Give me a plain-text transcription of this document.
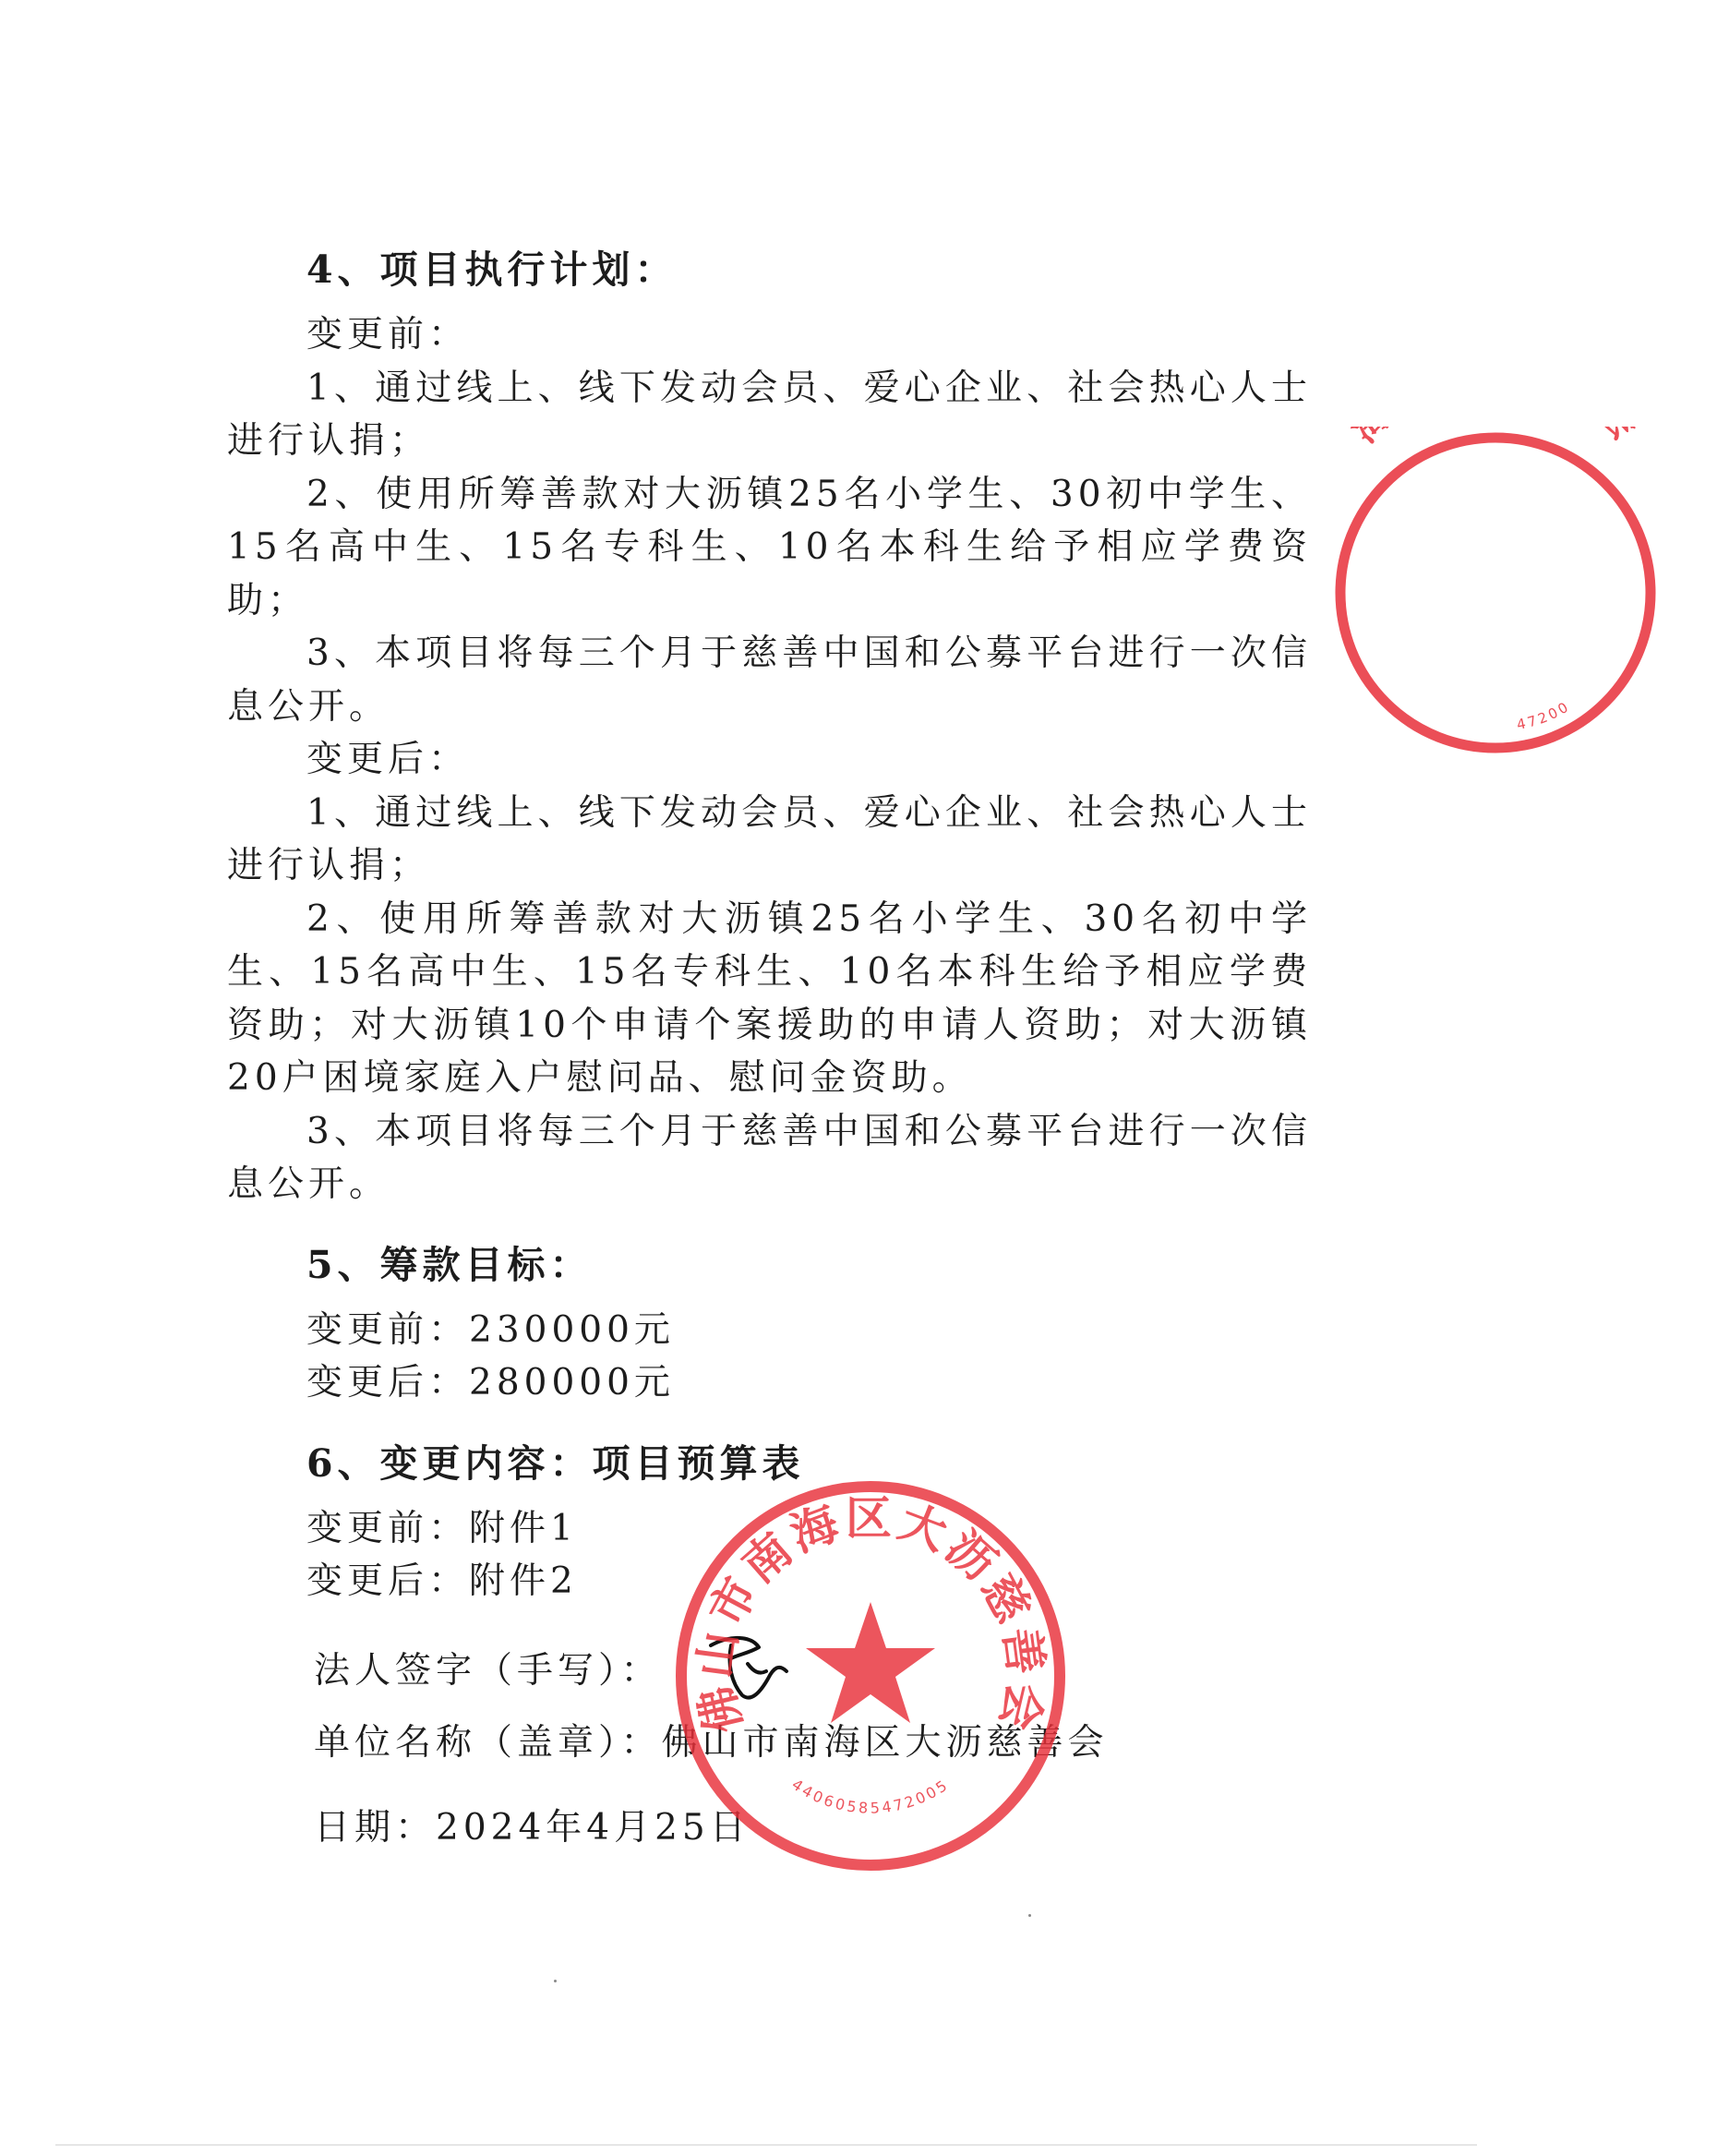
4、项目执行计划：

变更前：

1、通过线上、线下发动会员、爱心企业、社会热心人士进行认捐；

2、使用所筹善款对大沥镇25名小学生、30初中学生、15名高中生、15名专科生、10名本科生给予相应学费资助；

3、本项目将每三个月于慈善中国和公募平台进行一次信息公开。

变更后：

1、通过线上、线下发动会员、爱心企业、社会热心人士进行认捐；

2、使用所筹善款对大沥镇25名小学生、30名初中学生、15名高中生、15名专科生、10名本科生给予相应学费资助；对大沥镇10个申请个案援助的申请人资助；对大沥镇20户困境家庭入户慰问品、慰问金资助。

3、本项目将每三个月于慈善中国和公募平台进行一次信息公开。

5、筹款目标：

变更前：230000元

变更后：280000元

6、变更内容：项目预算表

变更前：附件1

变更后：附件2

法人签字（手写）：
单位名称（盖章）：佛山市南海区大沥慈善会
日期：2024年4月25日
佛山市南海区大沥慈善会
44060585472005
47200
